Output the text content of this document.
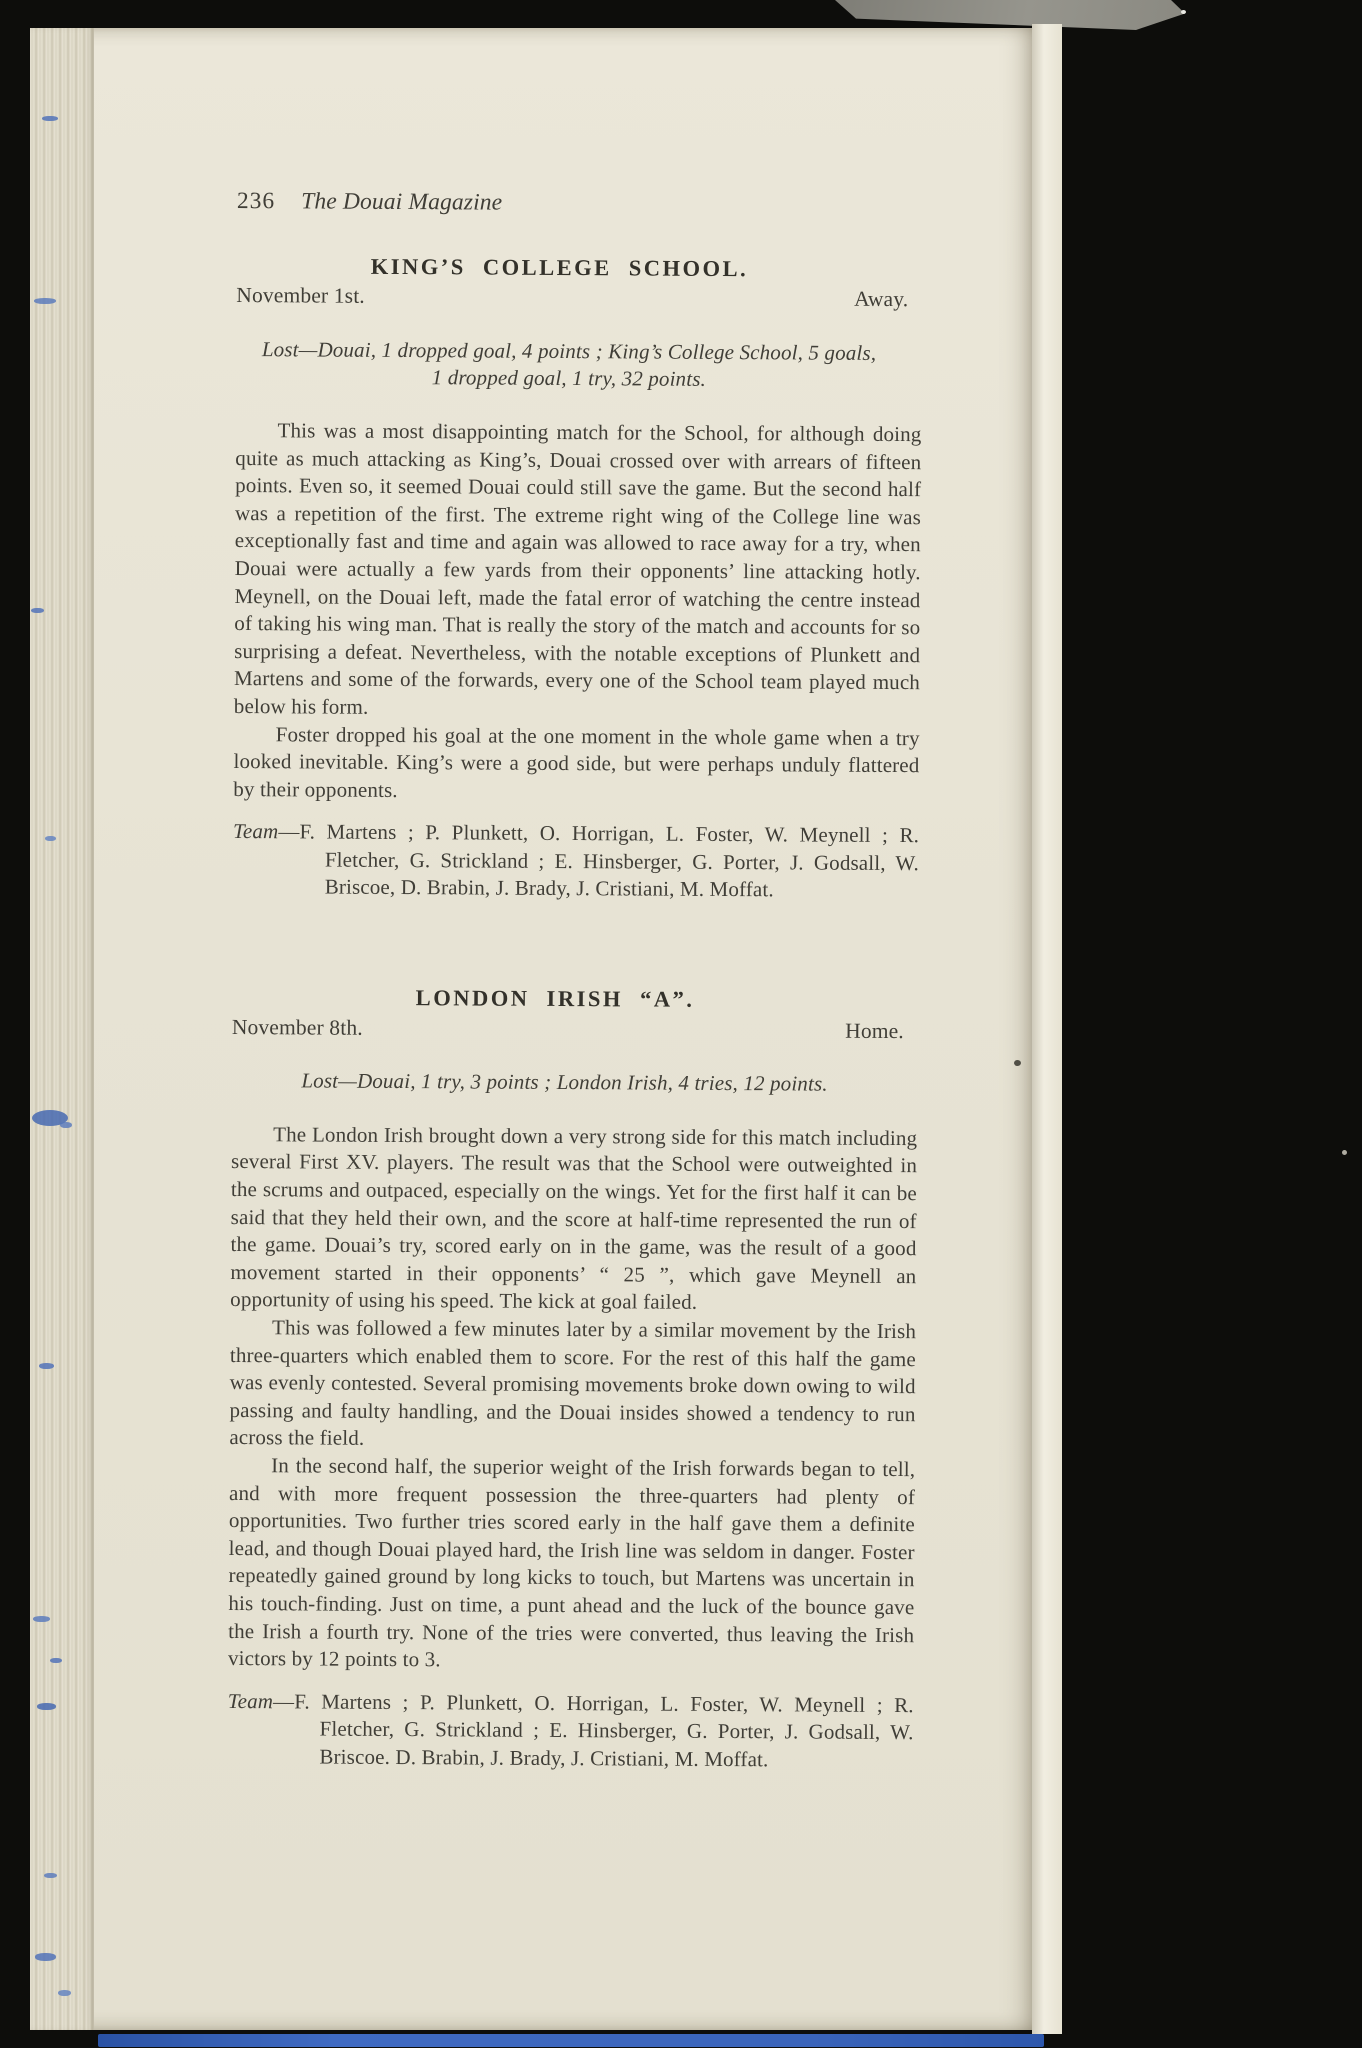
236 The Douai Magazine
KING’S COLLEGE SCHOOL.
November 1st.	Away.
Lost—Douai, 1 dropped goal, 4 points ; King’s College School, 5 goals,
1 dropped goal, 1 try, 32 points.

This was a most disappointing match for the School, for although doing quite as much attacking as King’s, Douai crossed over with arrears of fifteen points. Even so, it seemed Douai could still save the game. But the second half was a repetition of the first. The extreme right wing of the College line was exceptionally fast and time and again was allowed to race away for a try, when Douai were actually a few yards from their opponents’ line attacking hotly. Meynell, on the Douai left, made the fatal error of watching the centre instead of taking his wing man. That is really the story of the match and accounts for so surprising a defeat. Nevertheless, with the notable exceptions of Plunkett and Martens and some of the forwards, every one of the School team played much below his form.

Foster dropped his goal at the one moment in the whole game when a try looked inevitable. King’s were a good side, but were perhaps unduly flattered by their opponents.

Team—F. Martens ; P. Plunkett, O. Horrigan, L. Foster, W. Meynell ; R. Fletcher, G. Strickland ; E. Hinsberger, G. Porter, J. Godsall, W. Briscoe, D. Brabin, J. Brady, J. Cristiani, M. Moffat.
LONDON IRISH “A”.
November 8th.	Home.
Lost—Douai, 1 try, 3 points ; London Irish, 4 tries, 12 points.

The London Irish brought down a very strong side for this match including several First XV. players. The result was that the School were outweighted in the scrums and outpaced, especially on the wings. Yet for the first half it can be said that they held their own, and the score at half-time represented the run of the game. Douai’s try, scored early on in the game, was the result of a good movement started in their opponents’ “ 25 ”, which gave Meynell an opportunity of using his speed. The kick at goal failed.

This was followed a few minutes later by a similar movement by the Irish three-quarters which enabled them to score. For the rest of this half the game was evenly contested. Several promising movements broke down owing to wild passing and faulty handling, and the Douai insides showed a tendency to run across the field.

In the second half, the superior weight of the Irish forwards began to tell, and with more frequent possession the three-quarters had plenty of opportunities. Two further tries scored early in the half gave them a definite lead, and though Douai played hard, the Irish line was seldom in danger. Foster repeatedly gained ground by long kicks to touch, but Martens was uncertain in his touch-finding. Just on time, a punt ahead and the luck of the bounce gave the Irish a fourth try. None of the tries were converted, thus leaving the Irish victors by 12 points to 3.

Team—F. Martens ; P. Plunkett, O. Horrigan, L. Foster, W. Meynell ; R. Fletcher, G. Strickland ; E. Hinsberger, G. Porter, J. Godsall, W. Briscoe. D. Brabin, J. Brady, J. Cristiani, M. Moffat.
